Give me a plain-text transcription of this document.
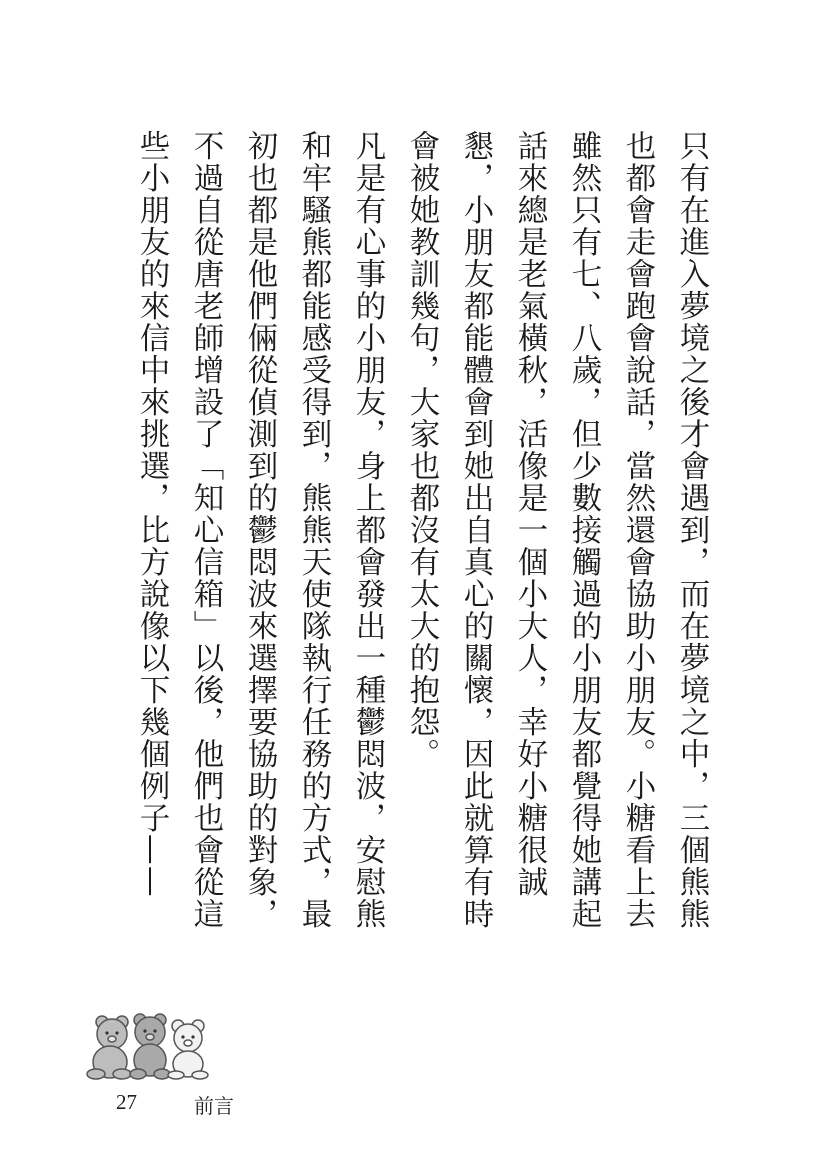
只有在進入夢境之後才會遇到，而在夢境之中，三個熊熊也都會走會跑會說話，當然還會協助小朋友。小糖看上去雖然只有七、八歲，但少數接觸過的小朋友都覺得她講起話來總是老氣橫秋，活像是一個小大人，幸好小糖很誠懇，小朋友都能體會到她出自真心的關懷，因此就算有時會被她教訓幾句，大家也都沒有太大的抱怨。

凡是有心事的小朋友，身上都會發出一種鬱悶波，安慰熊和牢騷熊都能感受得到，熊熊天使隊執行任務的方式，最初也都是他們倆從偵測到的鬱悶波來選擇要協助的對象，不過自從唐老師增設了「知心信箱」以後，他們也會從這些小朋友的來信中來挑選，比方說像以下幾個例子——

27	前言
